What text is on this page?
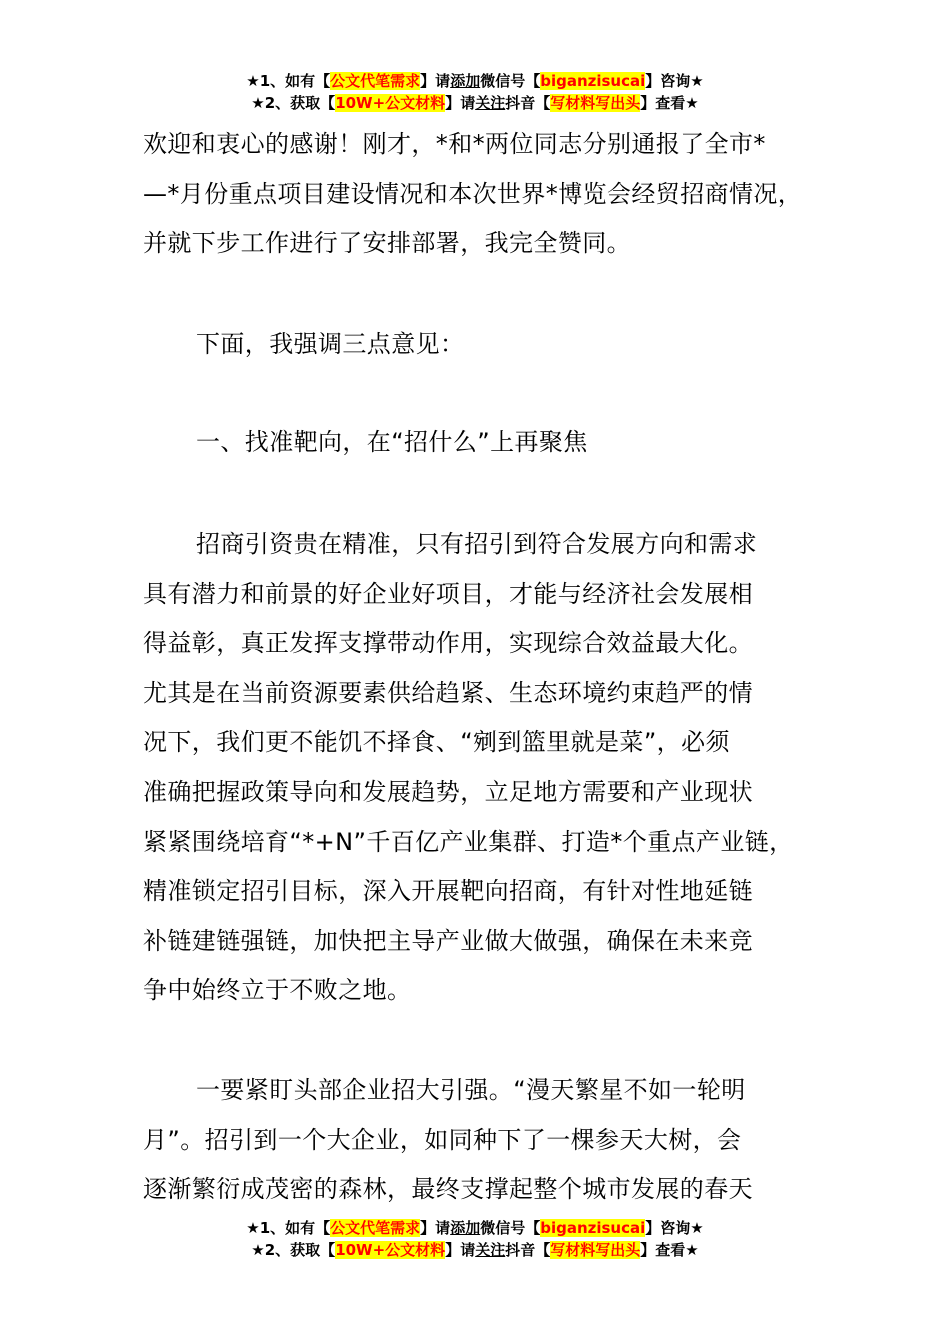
★1、如有【公文代笔需求】请添加微信号【biganzisucai】咨询★
★2、获取【10W+公文材料】请关注抖音【写材料写出头】查看★
欢迎和衷心的感谢！刚才，*和*两位同志分别通报了全市*
—*月份重点项目建设情况和本次世界*博览会经贸招商情况，
并就下步工作进行了安排部署，我完全赞同。
下面，我强调三点意见：
一、找准靶向，在“招什么”上再聚焦
招商引资贵在精准，只有招引到符合发展方向和需求
具有潜力和前景的好企业好项目，才能与经济社会发展相
得益彰，真正发挥支撑带动作用，实现综合效益最大化。
尤其是在当前资源要素供给趋紧、生态环境约束趋严的情
况下，我们更不能饥不择食、“剜到篮里就是菜”，必须
准确把握政策导向和发展趋势，立足地方需要和产业现状
紧紧围绕培育“*+N”千百亿产业集群、打造*个重点产业链，
精准锁定招引目标，深入开展靶向招商，有针对性地延链
补链建链强链，加快把主导产业做大做强，确保在未来竞
争中始终立于不败之地。
一要紧盯头部企业招大引强。“漫天繁星不如一轮明
月”。招引到一个大企业，如同种下了一棵参天大树，会
逐渐繁衍成茂密的森林，最终支撑起整个城市发展的春天
★1、如有【公文代笔需求】请添加微信号【biganzisucai】咨询★
★2、获取【10W+公文材料】请关注抖音【写材料写出头】查看★
